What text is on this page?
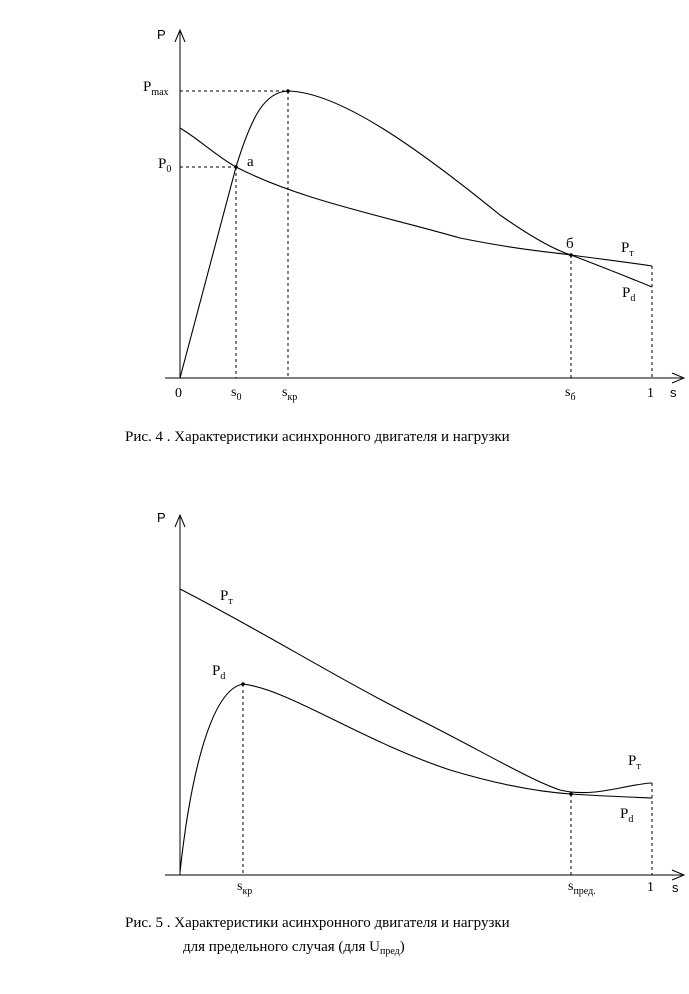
P
s
0	1
$P_{max}$
$P_0$	а
б
$s_0$	$s_{кр}$	$s_б$
$P_т$
$P_d$
Рис. 4 . Характеристики асинхронного двигателя и нагрузки
P
s
1
$P_т$
$P_d$
$P_т$
$P_d$
$s_{кр}$	$s_{пред.}$
Рис. 5 . Характеристики асинхронного двигателя и нагрузки
для предельного случая (для $U_{пред}$)
